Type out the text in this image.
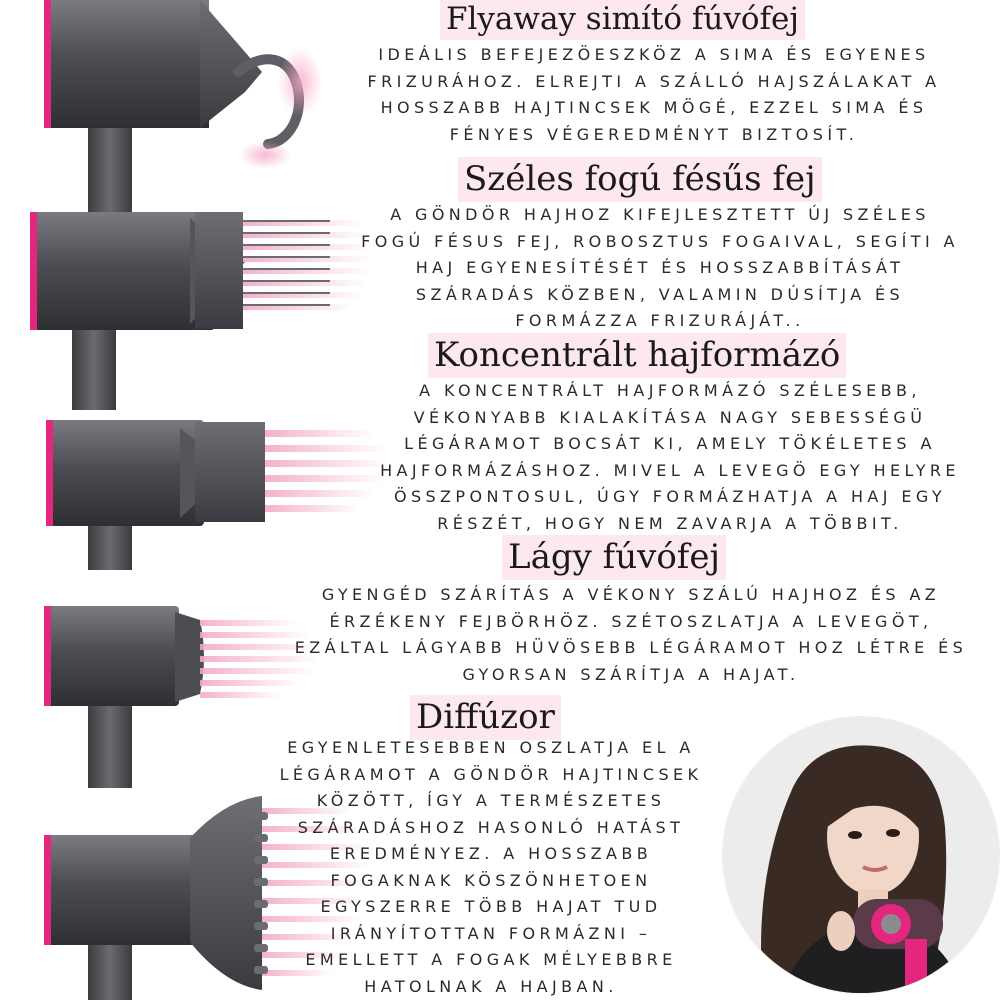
Flyaway simító fúvófej
IDEÁLIS BEFEJEZÖESZKÖZ A SIMA ÉS EGYENES
FRIZURÁHOZ. ELREJTI A SZÁLLÓ HAJSZÁLAKAT A
HOSSZABB HAJTINCSEK MÖGÉ, EZZEL SIMA ÉS
FÉNYES VÉGEREDMÉNYT BIZTOSÍT.
Széles fogú fésűs fej
A GÖNDÖR HAJHOZ KIFEJLESZTETT ÚJ SZÉLES
FOGÚ FÉSUS FEJ, ROBOSZTUS FOGAIVAL, SEGÍTI A
HAJ EGYENESÍTÉSÉT ÉS HOSSZABBÍTÁSÁT
SZÁRADÁS KÖZBEN, VALAMIN DÚSÍTJA ÉS
FORMÁZZA FRIZURÁJÁT..
Koncentrált hajformázó
A KONCENTRÁLT HAJFORMÁZÓ SZÉLESEBB,
VÉKONYABB KIALAKÍTÁSA NAGY SEBESSÉGÜ
LÉGÁRAMOT BOCSÁT KI, AMELY TÖKÉLETES A
HAJFORMÁZÁSHOZ. MIVEL A LEVEGÖ EGY HELYRE
ÖSSZPONTOSUL, ÚGY FORMÁZHATJA A HAJ EGY
RÉSZÉT, HOGY NEM ZAVARJA A TÖBBIT.
Lágy fúvófej
GYENGÉD SZÁRÍTÁS A VÉKONY SZÁLÚ HAJHOZ ÉS AZ
ÉRZÉKENY FEJBÖRHÖZ. SZÉTOSZLATJA A LEVEGÖT,
EZÁLTAL LÁGYABB HÜVÖSEBB LÉGÁRAMOT HOZ LÉTRE ÉS
GYORSAN SZÁRÍTJA A HAJAT.
Diffúzor
EGYENLETESEBBEN OSZLATJA EL A
LÉGÁRAMOT A GÖNDÖR HAJTINCSEK
KÖZÖTT, ÍGY A TERMÉSZETES
SZÁRADÁSHOZ HASONLÓ HATÁST
EREDMÉNYEZ. A HOSSZABB
FOGAKNAK KÖSZÖNHETOEN
EGYSZERRE TÖBB HAJAT TUD
IRÁNYÍTOTTAN FORMÁZNI –
EMELLETT A FOGAK MÉLYEBBRE
HATOLNAK A HAJBAN.
